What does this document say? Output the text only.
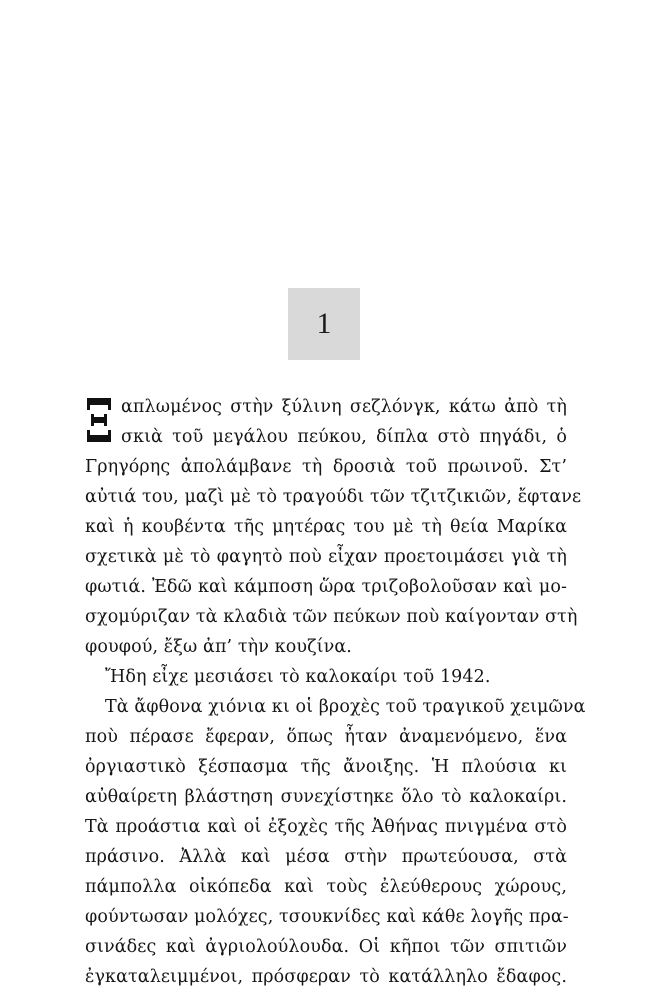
1
απλωμένος στὴν ξύλινη σεζλόνγκ, κάτω ἀπὸ τὴ
σκιὰ τοῦ μεγάλου πεύκου, δίπλα στὸ πηγάδι, ὁ
Γρηγόρης ἀπολάμβανε τὴ δροσιὰ τοῦ πρωινοῦ. Στ’
αὐτιά του, μαζὶ μὲ τὸ τραγούδι τῶν τζιτζικιῶν, ἔφτανε
καὶ ἡ κουβέντα τῆς μητέρας του μὲ τὴ θεία Μαρίκα
σχετικὰ μὲ τὸ φαγητὸ ποὺ εἶχαν προετοιμάσει γιὰ τὴ
φωτιά. Ἐδῶ καὶ κάμποση ὥρα τριζοβολοῦσαν καὶ μο-
σχομύριζαν τὰ κλαδιὰ τῶν πεύκων ποὺ καίγονταν στὴ
φουφού, ἔξω ἀπ’ τὴν κουζίνα.
Ἤδη εἶχε μεσιάσει τὸ καλοκαίρι τοῦ 1942.
Τὰ ἄφθονα χιόνια κι οἱ βροχὲς τοῦ τραγικοῦ χειμῶνα
ποὺ πέρασε ἔφεραν, ὅπως ἦταν ἀναμενόμενο, ἕνα
ὀργιαστικὸ ξέσπασμα τῆς ἄνοιξης. Ἡ πλούσια κι
αὐθαίρετη βλάστηση συνεχίστηκε ὅλο τὸ καλοκαίρι.
Τὰ προάστια καὶ οἱ ἐξοχὲς τῆς Ἀθήνας πνιγμένα στὸ
πράσινο. Ἀλλὰ καὶ μέσα στὴν πρωτεύουσα, στὰ
πάμπολλα οἰκόπεδα καὶ τοὺς ἐλεύθερους χώρους,
φούντωσαν μολόχες, τσουκνίδες καὶ κάθε λογῆς πρα-
σινάδες καὶ ἀγριολούλουδα. Οἱ κῆποι τῶν σπιτιῶν
ἐγκαταλειμμένοι, πρόσφεραν τὸ κατάλληλο ἔδαφος.
